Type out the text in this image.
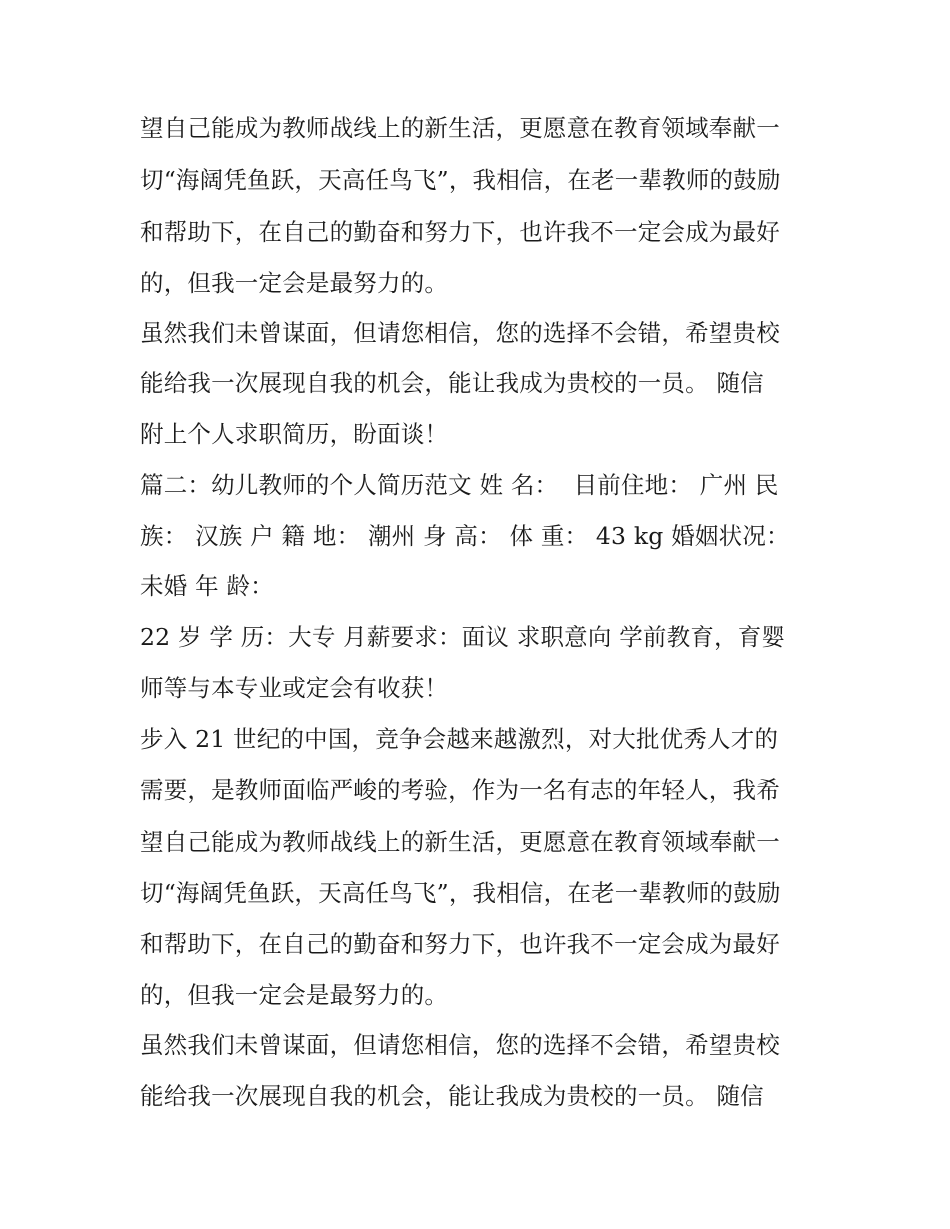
望自己能成为教师战线上的新生活，更愿意在教育领域奉献一
切“海阔凭鱼跃，天高任鸟飞”，我相信，在老一辈教师的鼓励
和帮助下，在自己的勤奋和努力下，也许我不一定会成为最好
的，但我一定会是最努力的。
虽然我们未曾谋面，但请您相信，您的选择不会错，希望贵校
能给我一次展现自我的机会，能让我成为贵校的一员。 随信
附上个人求职简历，盼面谈！
篇二：幼儿教师的个人简历范文 姓 名：  目前住地： 广州 民
族： 汉族 户 籍 地： 潮州 身 高： 体 重： 43 kg 婚姻状况：
未婚 年 龄：
22 岁 学 历：大专 月薪要求：面议 求职意向 学前教育，育婴
师等与本专业或定会有收获！
步入 21 世纪的中国，竞争会越来越激烈，对大批优秀人才的
需要，是教师面临严峻的考验，作为一名有志的年轻人，我希
望自己能成为教师战线上的新生活，更愿意在教育领域奉献一
切“海阔凭鱼跃，天高任鸟飞”，我相信，在老一辈教师的鼓励
和帮助下，在自己的勤奋和努力下，也许我不一定会成为最好
的，但我一定会是最努力的。
虽然我们未曾谋面，但请您相信，您的选择不会错，希望贵校
能给我一次展现自我的机会，能让我成为贵校的一员。 随信
